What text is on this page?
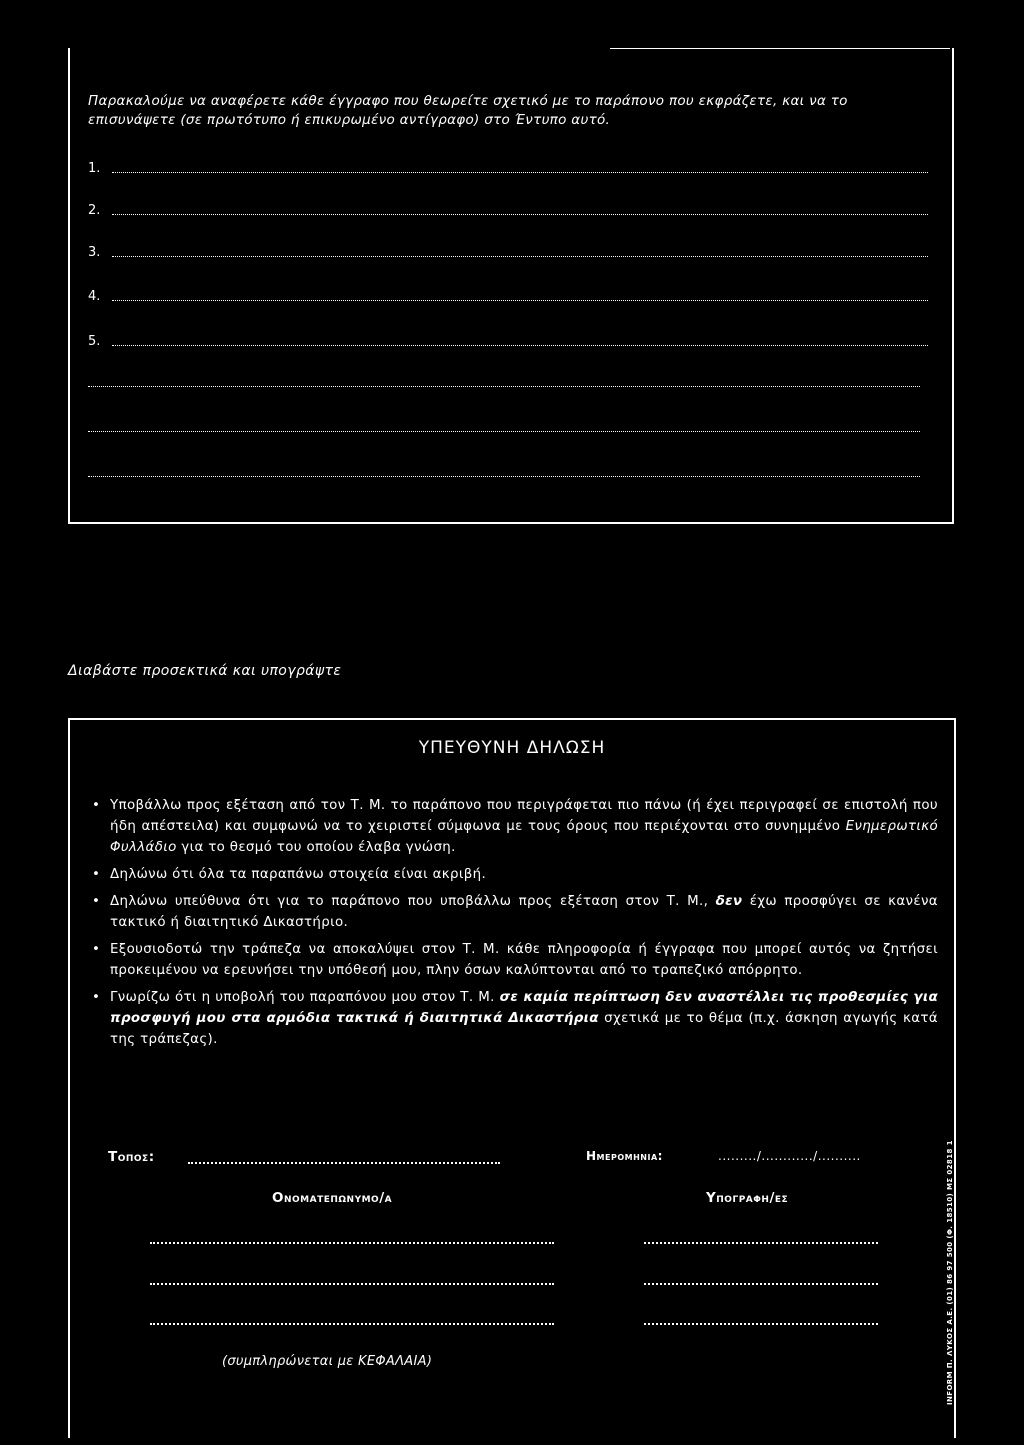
Παρακαλούμε να αναφέρετε κάθε έγγραφο που θεωρείτε σχετικό με το παράπονο που εκφράζετε, και να το επισυνάψετε (σε πρωτότυπο ή επικυρωμένο αντίγραφο) στο Έντυπο αυτό.
1.
2.
3.
4.
5.
Διαβάστε προσεκτικά και υπογράψτε
ΥΠΕΥΘΥΝΗ ΔΗΛΩΣΗ
• Υποβάλλω προς εξέταση από τον Τ. Μ. το παράπονο που περιγράφεται πιο πάνω (ή έχει περιγραφεί σε επιστολή που ήδη απέστειλα) και συμφωνώ να το χειριστεί σύμφωνα με τους όρους που περιέχονται στο συνημμένο Ενημερωτικό Φυλλάδιο για το θεσμό του οποίου έλαβα γνώση.
• Δηλώνω ότι όλα τα παραπάνω στοιχεία είναι ακριβή.
• Δηλώνω υπεύθυνα ότι για το παράπονο που υποβάλλω προς εξέταση στον Τ. Μ., δεν έχω προσφύγει σε κανένα τακτικό ή διαιτητικό Δικαστήριο.
• Εξουσιοδοτώ την τράπεζα να αποκαλύψει στον Τ. Μ. κάθε πληροφορία ή έγγραφα που μπορεί αυτός να ζητήσει προκειμένου να ερευνήσει την υπόθεσή μου, πλην όσων καλύπτονται από το τραπεζικό απόρρητο.
• Γνωρίζω ότι η υποβολή του παραπόνου μου στον Τ. Μ. σε καμία περίπτωση δεν αναστέλλει τις προθεσμίες για προσφυγή μου στα αρμόδια τακτικά ή διαιτητικά Δικαστήρια σχετικά με το θέμα (π.χ. άσκηση αγωγής κατά της τράπεζας).
Τοπος:	Ημερομηνια:	........./............/..........
Ονοματεπωνυμο/α	Υπογραφη/ες
(συμπληρώνεται με ΚΕΦΑΛΑΙΑ)	INFORM Π. ΛΥΚΟΣ Α.Ε. (01) 86 97 500 (Φ. 18510) ΜΣ 02818 1
